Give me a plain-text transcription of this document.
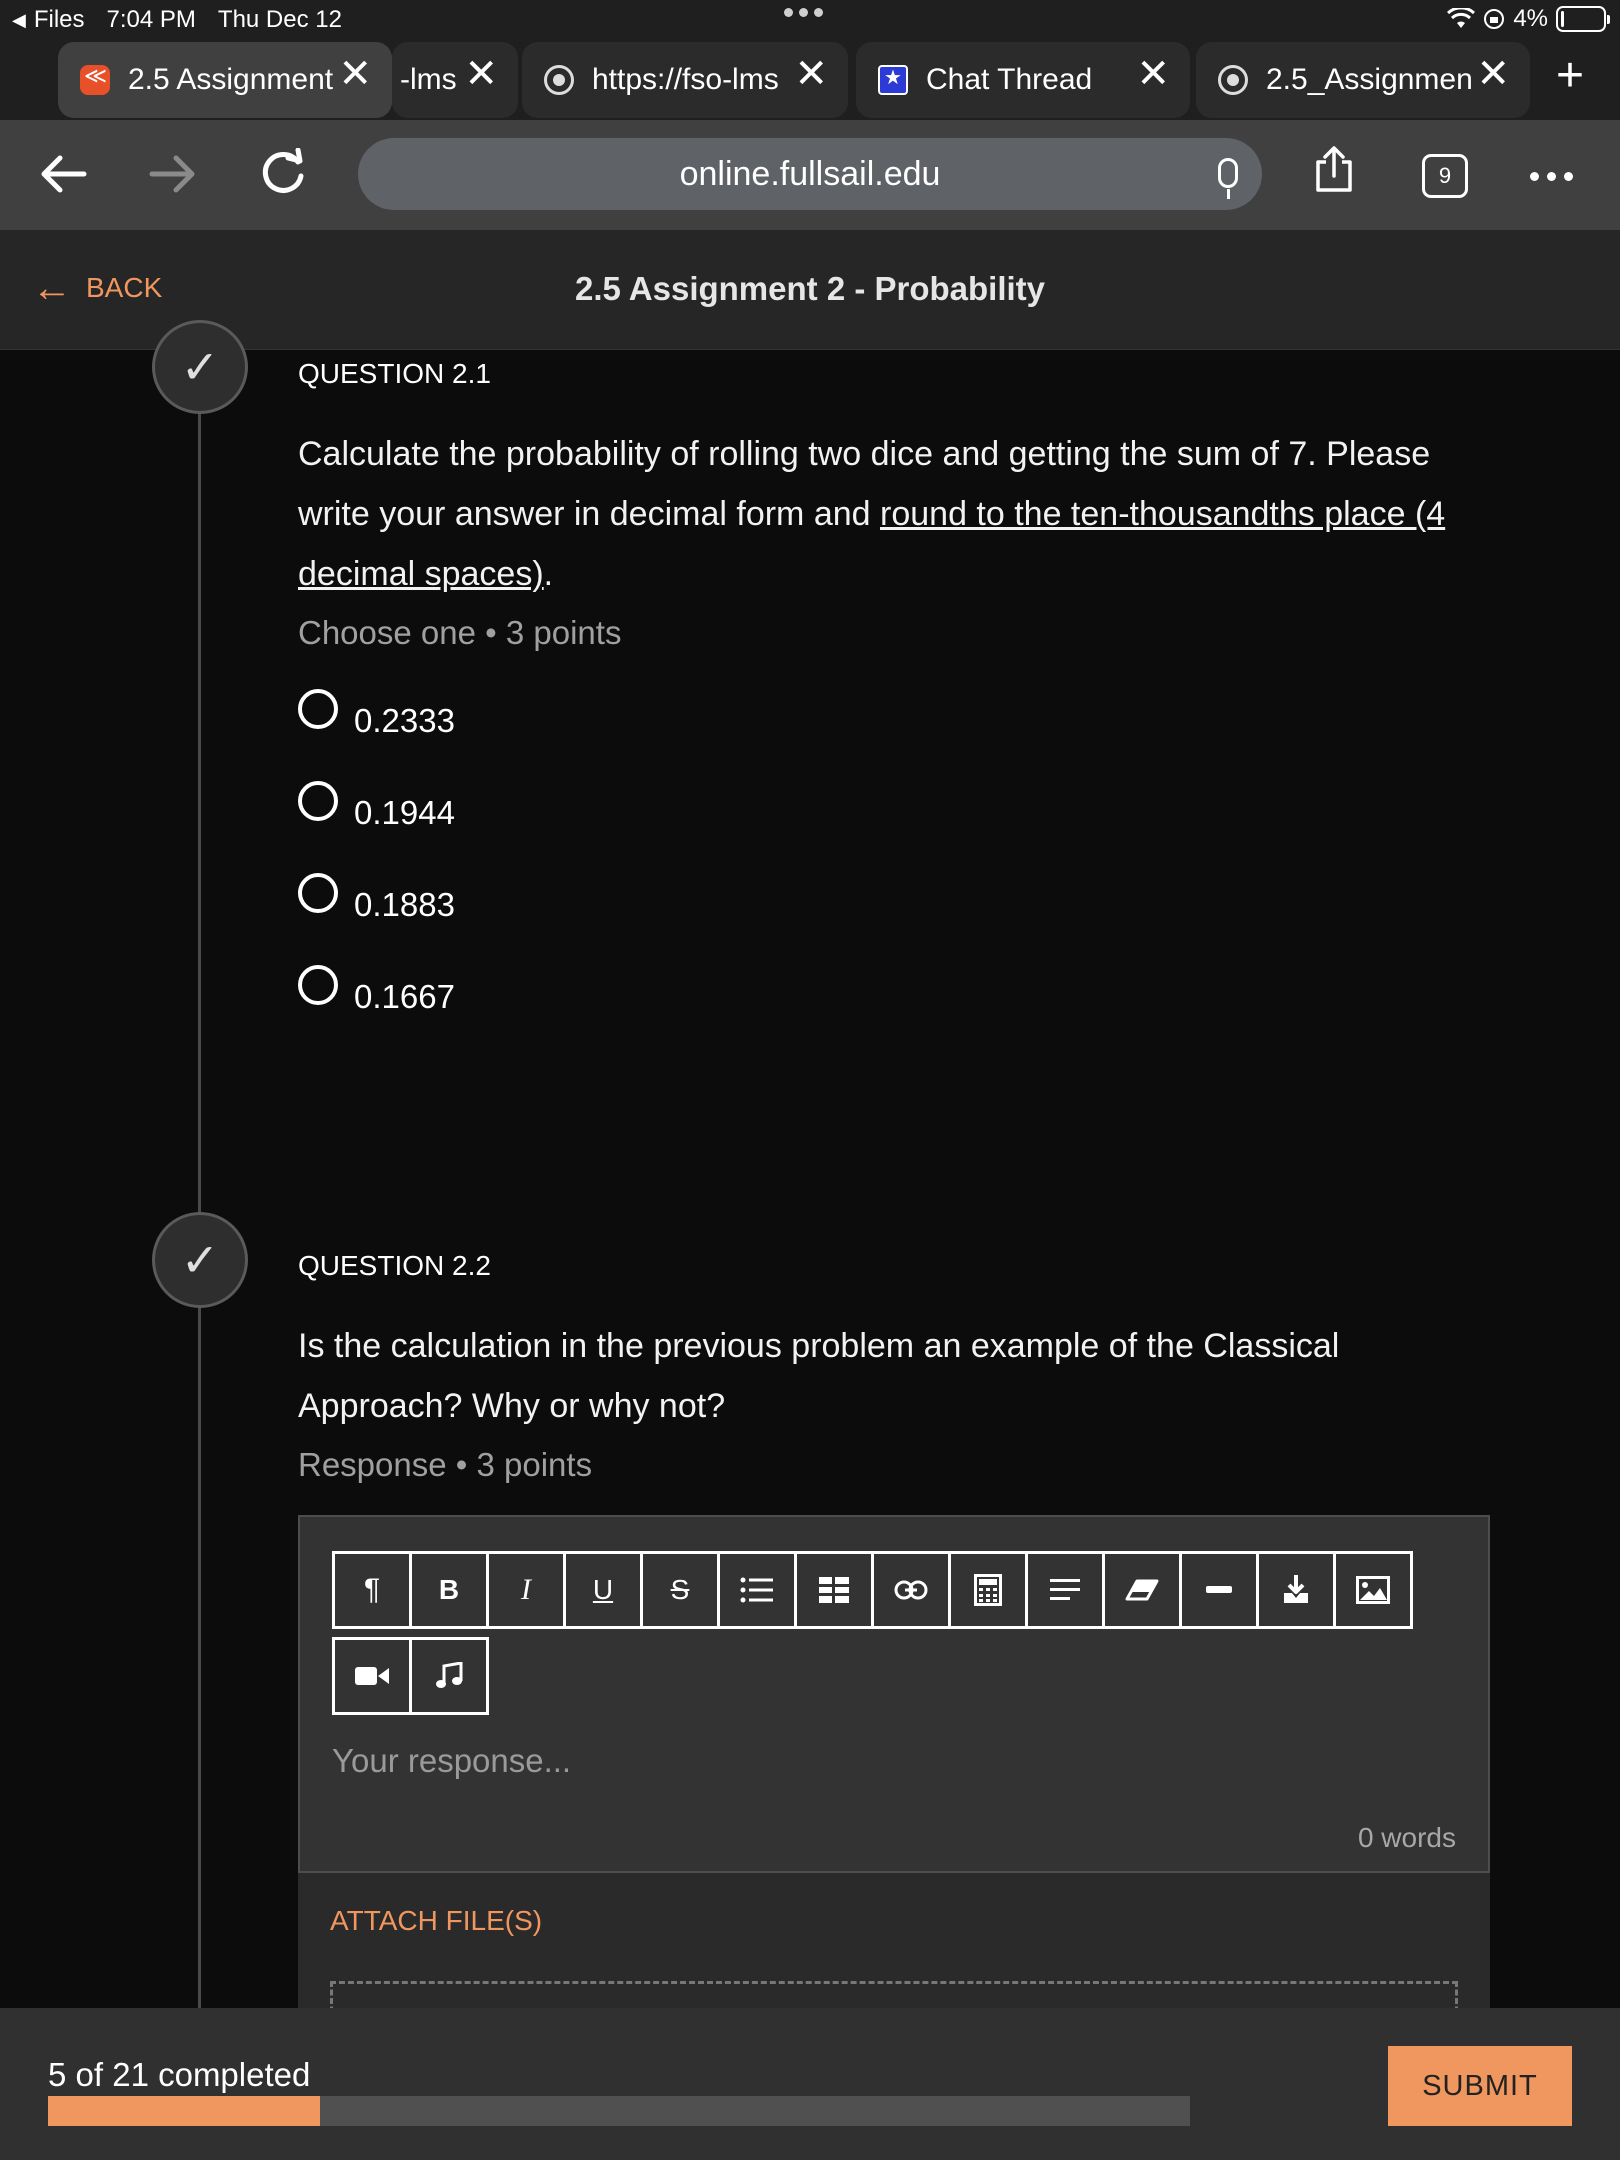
◀ Files 7:04 PM Thu Dec 12	4%
≪
2.5 Assignment ✕ -lms ✕	https://fso-lms ✕
★	Chat Thread ✕	2.5_Assignmen ✕ +
online.fullsail.edu	9
← BACK	2.5 Assignment 2 - Probability
✓	QUESTION 2.1
Calculate the probability of rolling two dice and getting the sum of 7. Please write your answer in decimal form and round to the ten-thousandths place (4 decimal spaces).
Choose one • 3 points
0.2333
0.1944
0.1883
0.1667
✓	QUESTION 2.2
Is the calculation in the previous problem an example of the Classical Approach? Why or why not?
Response • 3 points
¶	B	I	U	S
Your response...
0 words
ATTACH FILE(S)
5 of 21 completed	SUBMIT
